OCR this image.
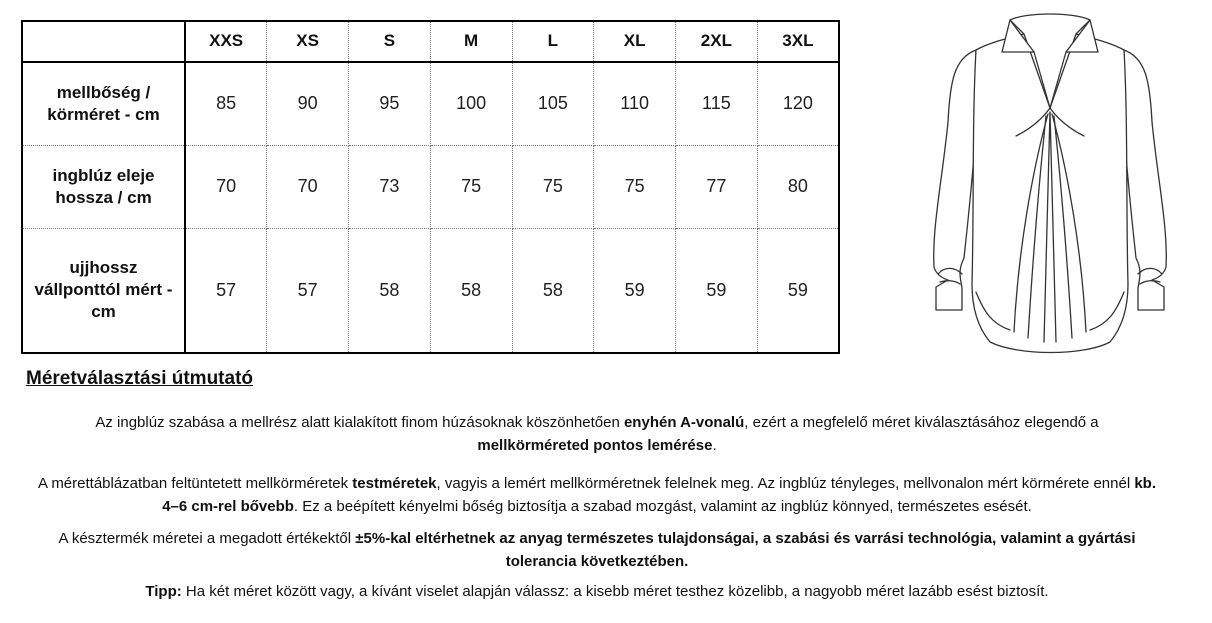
	XXS	XS	S	M	L	XL	2XL	3XL
mellbőség /
körméret - cm	85	90	95	100	105	110	115	120
ingblúz eleje
hossza / cm	70	70	73	75	75	75	77	80
ujjhossz
vállponttól mért -
cm	57	57	58	58	58	59	59	59
Méretválasztási útmutató

Az ingblúz szabása a mellrész alatt kialakított finom húzásoknak köszönhetően enyhén A-vonalú, ezért a megfelelő méret kiválasztásához elegendő a
mellkörméreted pontos lemérése.

A mérettáblázatban feltüntetett mellkörméretek testméretek, vagyis a lemért mellkörméretnek felelnek meg. Az ingblúz tényleges, mellvonalon mért körmérete ennél kb. 4–6 cm-rel bővebb. Ez a beépített kényelmi bőség biztosítja a szabad mozgást, valamint az ingblúz könnyed, természetes esését.

A késztermék méretei a megadott értékektől ±5%-kal eltérhetnek az anyag természetes tulajdonságai, a szabási és varrási technológia, valamint a gyártási tolerancia következtében.

Tipp: Ha két méret között vagy, a kívánt viselet alapján válassz: a kisebb méret testhez közelibb, a nagyobb méret lazább esést biztosít.
